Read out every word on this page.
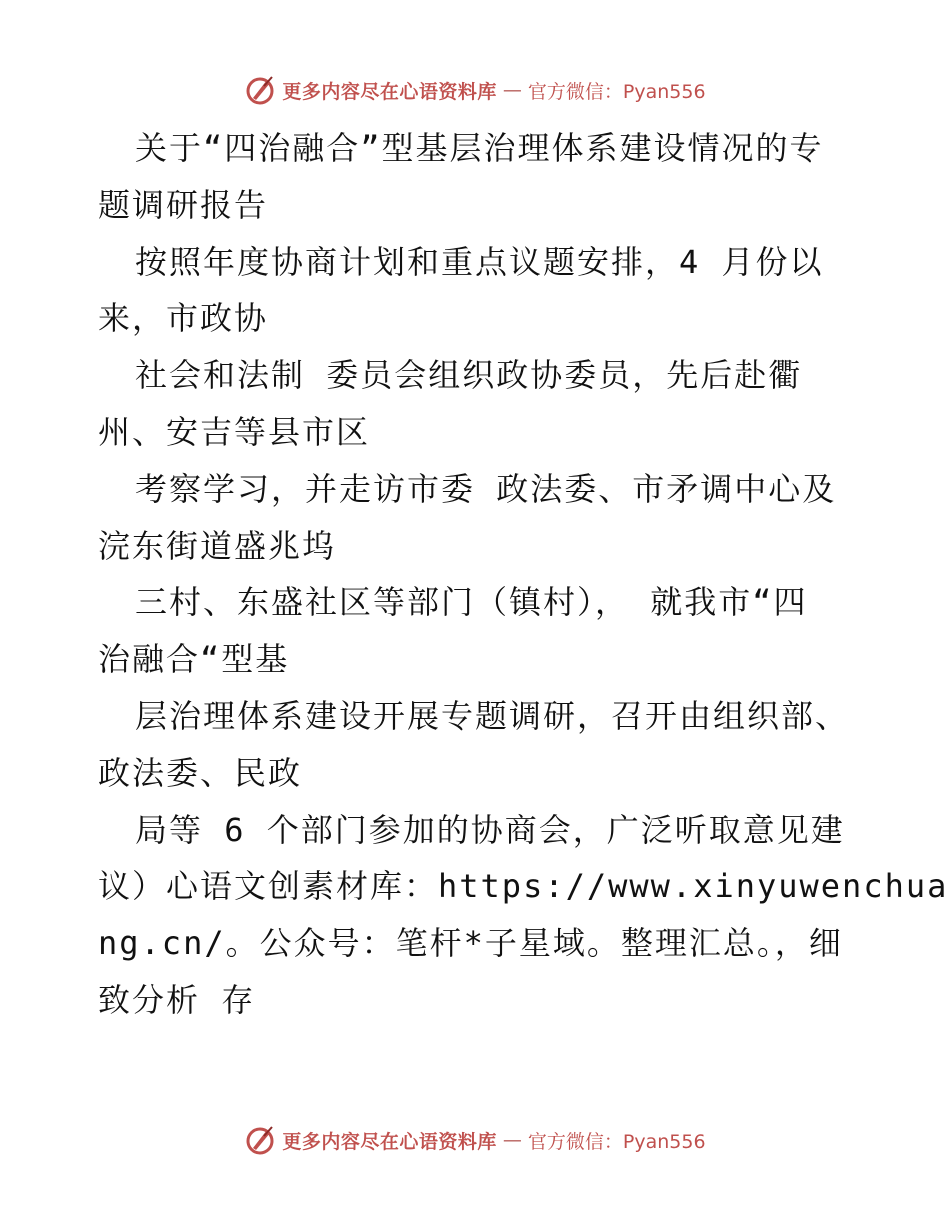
更多内容尽在心语资料库 — 官方微信：Pyan556
关于“四治融合”型基层治理体系建设情况的专
题调研报告
按照年度协商计划和重点议题安排，4 月份以
来，市政协
社会和法制 委员会组织政协委员，先后赴衢
州、安吉等县市区
考察学习，并走访市委 政法委、市矛调中心及
浣东街道盛兆坞
三村、东盛社区等部门（镇村）， 就我市“四
治融合“型基
层治理体系建设开展专题调研，召开由组织部、
政法委、民政
局等 6 个部门参加的协商会，广泛听取意见建
议）心语文创素材库：https://www.xinyuwenchua
ng.cn/。公众号：笔杆*子星域。整理汇总。，细
致分析 存
更多内容尽在心语资料库 — 官方微信：Pyan556
